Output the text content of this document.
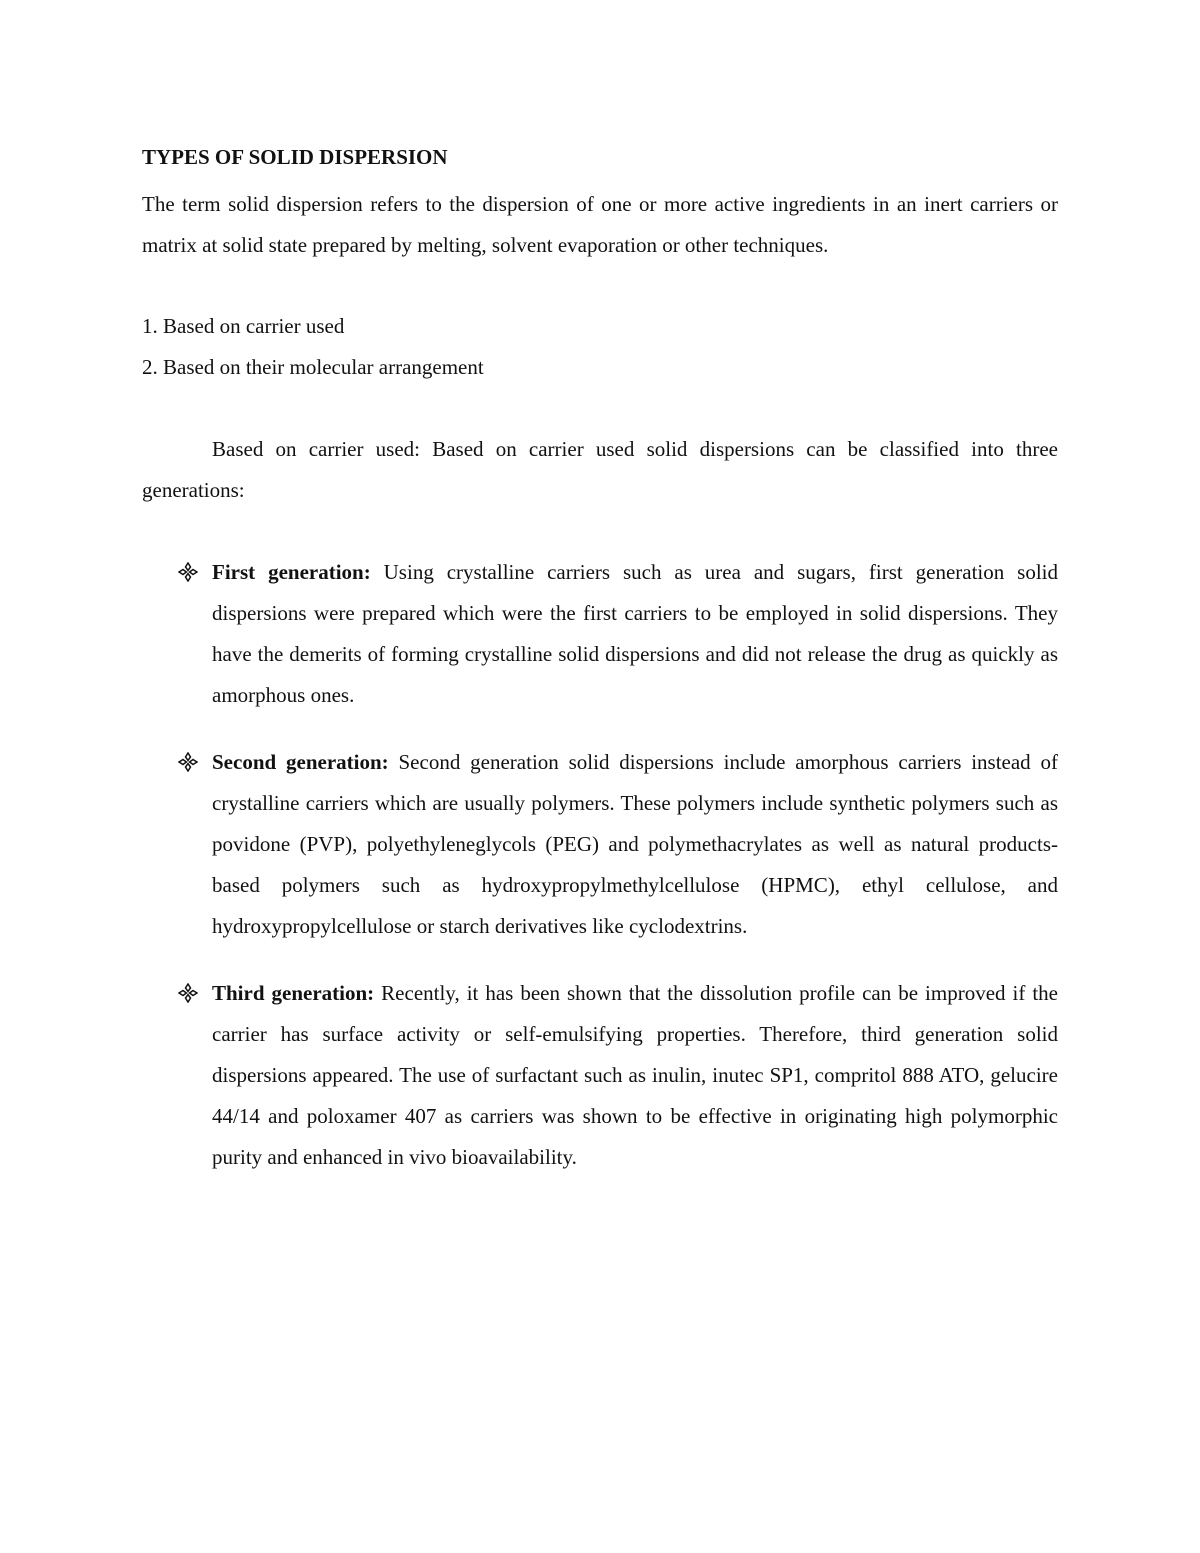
TYPES OF SOLID DISPERSION
The term solid dispersion refers to the dispersion of one or more active ingredients in an inert carriers or matrix at solid state prepared by melting, solvent evaporation or other techniques.
1. Based on carrier used
2. Based on their molecular arrangement
Based on carrier used: Based on carrier used solid dispersions can be classified into three generations:
First generation: Using crystalline carriers such as urea and sugars, first generation solid dispersions were prepared which were the first carriers to be employed in solid dispersions. They have the demerits of forming crystalline solid dispersions and did not release the drug as quickly as amorphous ones.
Second generation: Second generation solid dispersions include amorphous carriers instead of crystalline carriers which are usually polymers. These polymers include synthetic polymers such as povidone (PVP), polyethyleneglycols (PEG) and polymethacrylates as well as natural products-based polymers such as hydroxypropylmethylcellulose (HPMC), ethyl cellulose, and hydroxypropylcellulose or starch derivatives like cyclodextrins.
Third generation: Recently, it has been shown that the dissolution profile can be improved if the carrier has surface activity or self-emulsifying properties. Therefore, third generation solid dispersions appeared. The use of surfactant such as inulin, inutec SP1, compritol 888 ATO, gelucire 44/14 and poloxamer 407 as carriers was shown to be effective in originating high polymorphic purity and enhanced in vivo bioavailability.
